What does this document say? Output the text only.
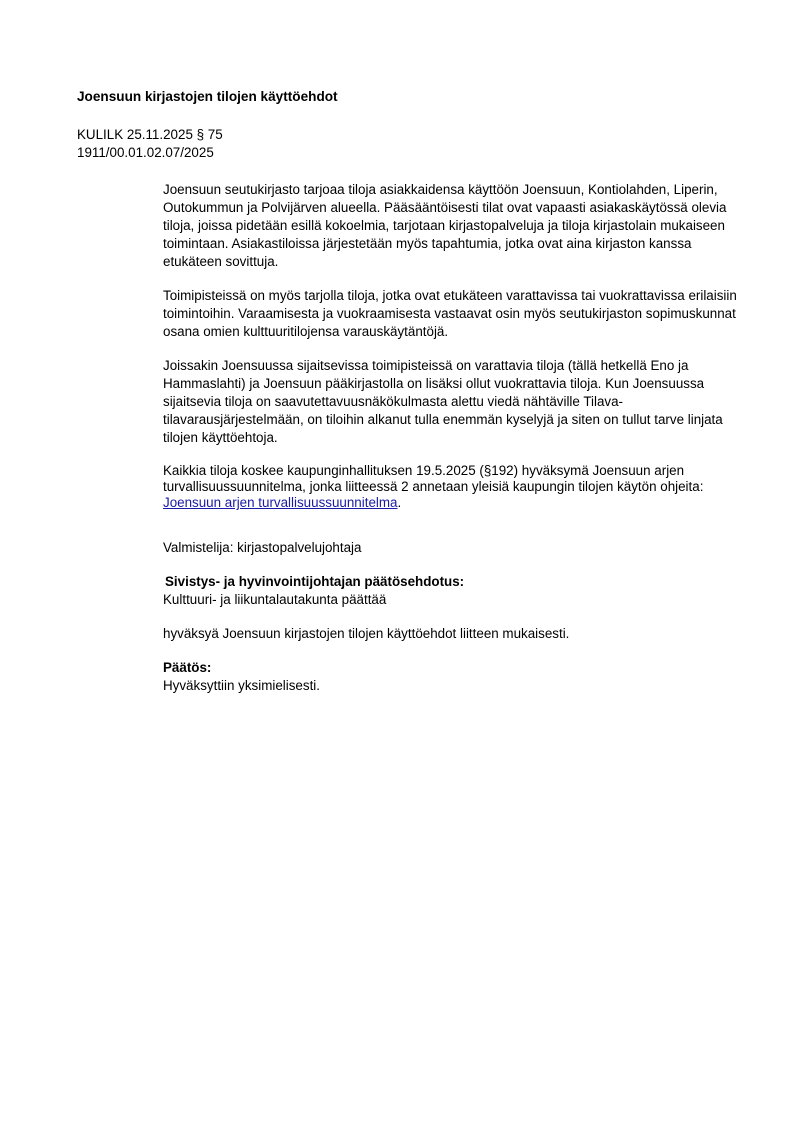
Joensuun kirjastojen tilojen käyttöehdot
KULILK 25.11.2025 § 75
1911/00.01.02.07/2025

Joensuun seutukirjasto tarjoaa tiloja asiakkaidensa käyttöön Joensuun, Kontiolahden, Liperin, Outokummun ja Polvijärven alueella. Pääsääntöisesti tilat ovat vapaasti asiakaskäytössä olevia tiloja, joissa pidetään esillä kokoelmia, tarjotaan kirjastopalveluja ja tiloja kirjastolain mukaiseen toimintaan. Asiakastiloissa järjestetään myös tapahtumia, jotka ovat aina kirjaston kanssa etukäteen sovittuja.

Toimipisteissä on myös tarjolla tiloja, jotka ovat etukäteen varattavissa tai vuokrattavissa erilaisiin toimintoihin. Varaamisesta ja vuokraamisesta vastaavat osin myös seutukirjaston sopimuskunnat osana omien kulttuuritilojensa varauskäytäntöjä.

Joissakin Joensuussa sijaitsevissa toimipisteissä on varattavia tiloja (tällä hetkellä Eno ja Hammaslahti) ja Joensuun pääkirjastolla on lisäksi ollut vuokrattavia tiloja. Kun Joensuussa sijaitsevia tiloja on saavutettavuusnäkökulmasta alettu viedä nähtäville Tilava-tilavarausjärjestelmään, on tiloihin alkanut tulla enemmän kyselyjä ja siten on tullut tarve linjata tilojen käyttöehtoja.

Kaikkia tiloja koskee kaupunginhallituksen 19.5.2025 (§192) hyväksymä Joensuun arjen turvallisuussuunnitelma, jonka liitteessä 2 annetaan yleisiä kaupungin tilojen käytön ohjeita: Joensuun arjen turvallisuussuunnitelma.

Valmistelija: kirjastopalvelujohtaja
Sivistys- ja hyvinvointijohtajan päätösehdotus:
Kulttuuri- ja liikuntalautakunta päättää
hyväksyä Joensuun kirjastojen tilojen käyttöehdot liitteen mukaisesti.
Päätös:
Hyväksyttiin yksimielisesti.
